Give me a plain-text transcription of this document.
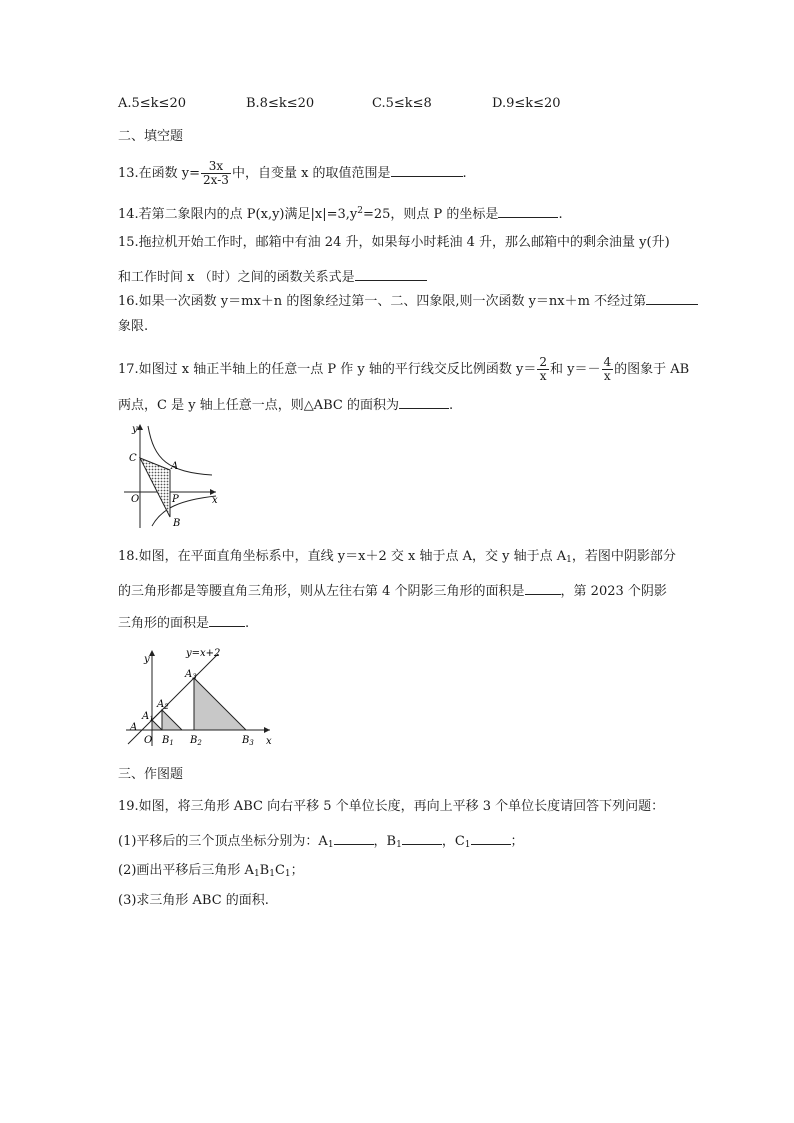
A.5≤k≤20	B.8≤k≤20	C.5≤k≤8	D.9≤k≤20
二、填空题
13.在函数 $y= \frac{3x}{2x-3}$ 中，自变量 x 的取值范围是	.
14.若第二象限内的点 P(x,y)满足$|x|=3,y^2=25$，则点 P 的坐标是	.
15.拖拉机开始工作时，邮箱中有油 24 升，如果每小时耗油 4 升，那么邮箱中的剩余油量 y(升)
和工作时间 x （时）之间的函数关系式是
16.如果一次函数 y＝mx＋n 的图象经过第一、二、四象限,则一次函数 y＝nx＋m 不经过第
象限.
17.如图过 x 轴正半轴上的任意一点 P 作 y 轴的平行线交反比例函数 $y= \frac{2}{x}$ 和 $y=- \frac{4}{x}$ 的图象于 AB
两点，C 是 y 轴上任意一点，则△ABC 的面积为	.
y
x
O
C
A
P
B
18.如图，在平面直角坐标系中，直线 y＝x＋2 交 x 轴于点 A，交 y 轴于点 $A_1$，若图中阴影部分
的三角形都是等腰直角三角形，则从左往右第 4 个阴影三角形的面积是	，第 2023 个阴影
三角形的面积是	.
y=x+2
y
x
O
A
$A_1$
$A_2$
$A_3$
$B_1$ $B_2$	$B_3$
三、作图题
19.如图，将三角形 ABC 向右平移 5 个单位长度，再向上平移 3 个单位长度请回答下列问题：
(1)平移后的三个顶点坐标分别为：$A_1$	，$B_1$	，$C_1$	；
(2)画出平移后三角形 $A_1B_1C_1$；
(3)求三角形 ABC 的面积.
